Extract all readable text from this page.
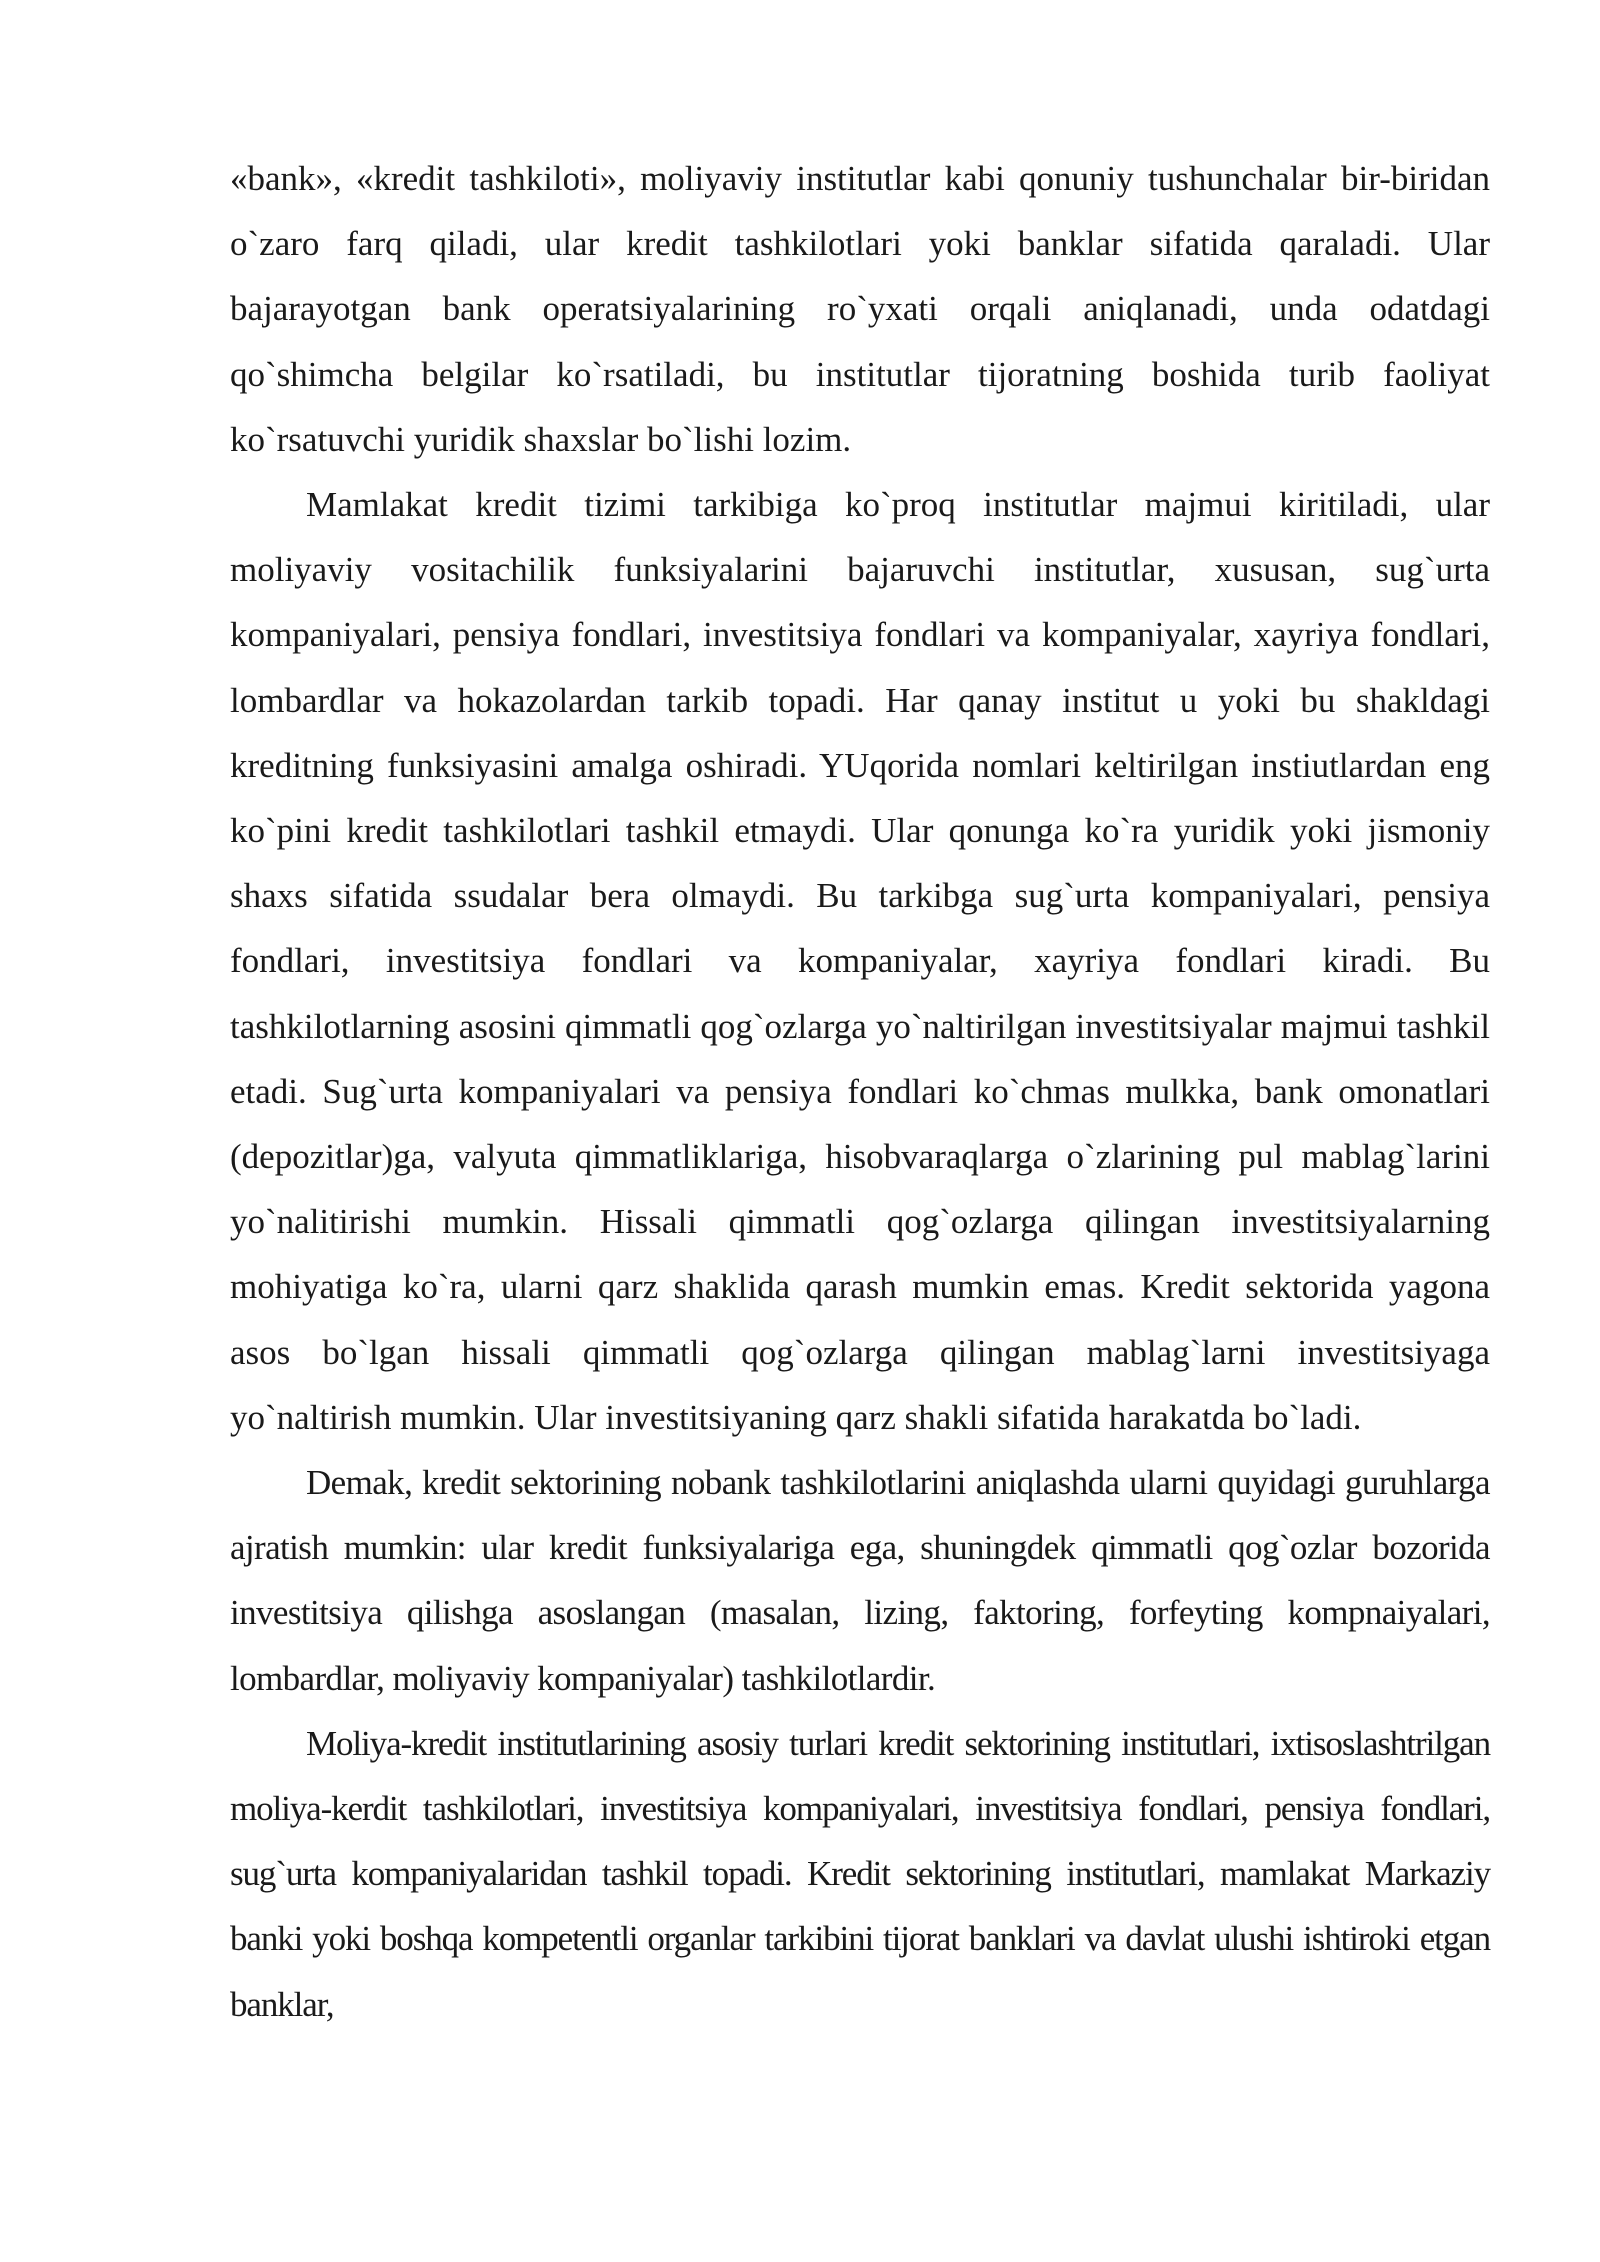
«bank», «kredit tashkiloti», moliyaviy institutlar kabi qonuniy tushunchalar bir-biridan o`zaro farq qiladi, ular kredit tashkilotlari yoki banklar sifatida qaraladi. Ular bajarayotgan bank operatsiyalarining ro`yxati orqali aniqlanadi, unda odatdagi qo`shimcha belgilar ko`rsatiladi, bu institutlar tijoratning boshida turib faoliyat ko`rsatuvchi yuridik shaxslar bo`lishi lozim.

Mamlakat kredit tizimi tarkibiga ko`proq institutlar majmui kiritiladi, ular moliyaviy vositachilik funksiyalarini bajaruvchi institutlar, xususan, sug`urta kompaniyalari, pensiya fondlari, investitsiya fondlari va kompaniyalar, xayriya fondlari, lombardlar va hokazolardan tarkib topadi. Har qanay institut u yoki bu shakldagi kreditning funksiyasini amalga oshiradi. YUqorida nomlari keltirilgan instiutlardan eng ko`pini kredit tashkilotlari tashkil etmaydi. Ular qonunga ko`ra yuridik yoki jismoniy shaxs sifatida ssudalar bera olmaydi. Bu tarkibga sug`urta kompaniyalari, pensiya fondlari, investitsiya fondlari va kompaniyalar, xayriya fondlari kiradi. Bu tashkilotlarning asosini qimmatli qog`ozlarga yo`naltirilgan investitsiyalar majmui tashkil etadi. Sug`urta kompaniyalari va pensiya fondlari ko`chmas mulkka, bank omonatlari (depozitlar)ga, valyuta qimmatliklariga, hisobvaraqlarga o`zlarining pul mablag`larini yo`nalitirishi mumkin. Hissali qimmatli qog`ozlarga qilingan investitsiyalarning mohiyatiga ko`ra, ularni qarz shaklida qarash mumkin emas. Kredit sektorida yagona asos bo`lgan hissali qimmatli qog`ozlarga qilingan mablag`larni investitsiyaga yo`naltirish mumkin. Ular investitsiyaning qarz shakli sifatida harakatda bo`ladi.

Demak, kredit sektorining nobank tashkilotlarini aniqlashda ularni quyidagi guruhlarga ajratish mumkin: ular kredit funksiyalariga ega, shuningdek qimmatli qog`ozlar bozorida investitsiya qilishga asoslangan (masalan, lizing, faktoring, forfeyting kompnaiyalari, lombardlar, moliyaviy kompaniyalar) tashkilotlardir.

Moliya-kredit institutlarining asosiy turlari kredit sektorining institutlari, ixtisoslashtrilgan moliya-kerdit tashkilotlari, investitsiya kompaniyalari, investitsiya fondlari, pensiya fondlari, sug`urta kompaniyalaridan tashkil topadi. Kredit sektorining institutlari, mamlakat Markaziy banki yoki boshqa kompetentli organlar tarkibini tijorat banklari va davlat ulushi ishtiroki etgan banklar,
